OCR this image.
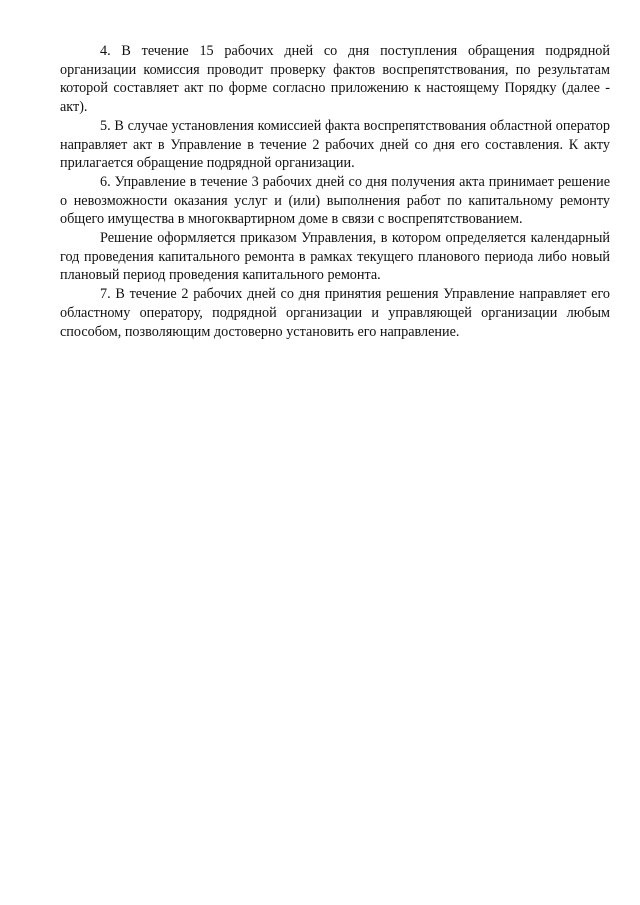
4. В течение 15 рабочих дней со дня поступления обращения подрядной организации комиссия проводит проверку фактов воспрепятствования, по результатам которой составляет акт по форме согласно приложению к настоящему Порядку (далее - акт).

5. В случае установления комиссией факта воспрепятствования областной оператор направляет акт в Управление в течение 2 рабочих дней со дня его составления. К акту прилагается обращение подрядной организации.

6. Управление в течение 3 рабочих дней со дня получения акта принимает решение о невозможности оказания услуг и (или) выполнения работ по капитальному ремонту общего имущества в многоквартирном доме в связи с воспрепятствованием.

Решение оформляется приказом Управления, в котором определяется календарный год проведения капитального ремонта в рамках текущего планового периода либо новый плановый период проведения капитального ремонта.

7. В течение 2 рабочих дней со дня принятия решения Управление направляет его областному оператору, подрядной организации и управляющей организации любым способом, позволяющим достоверно установить его направление.
